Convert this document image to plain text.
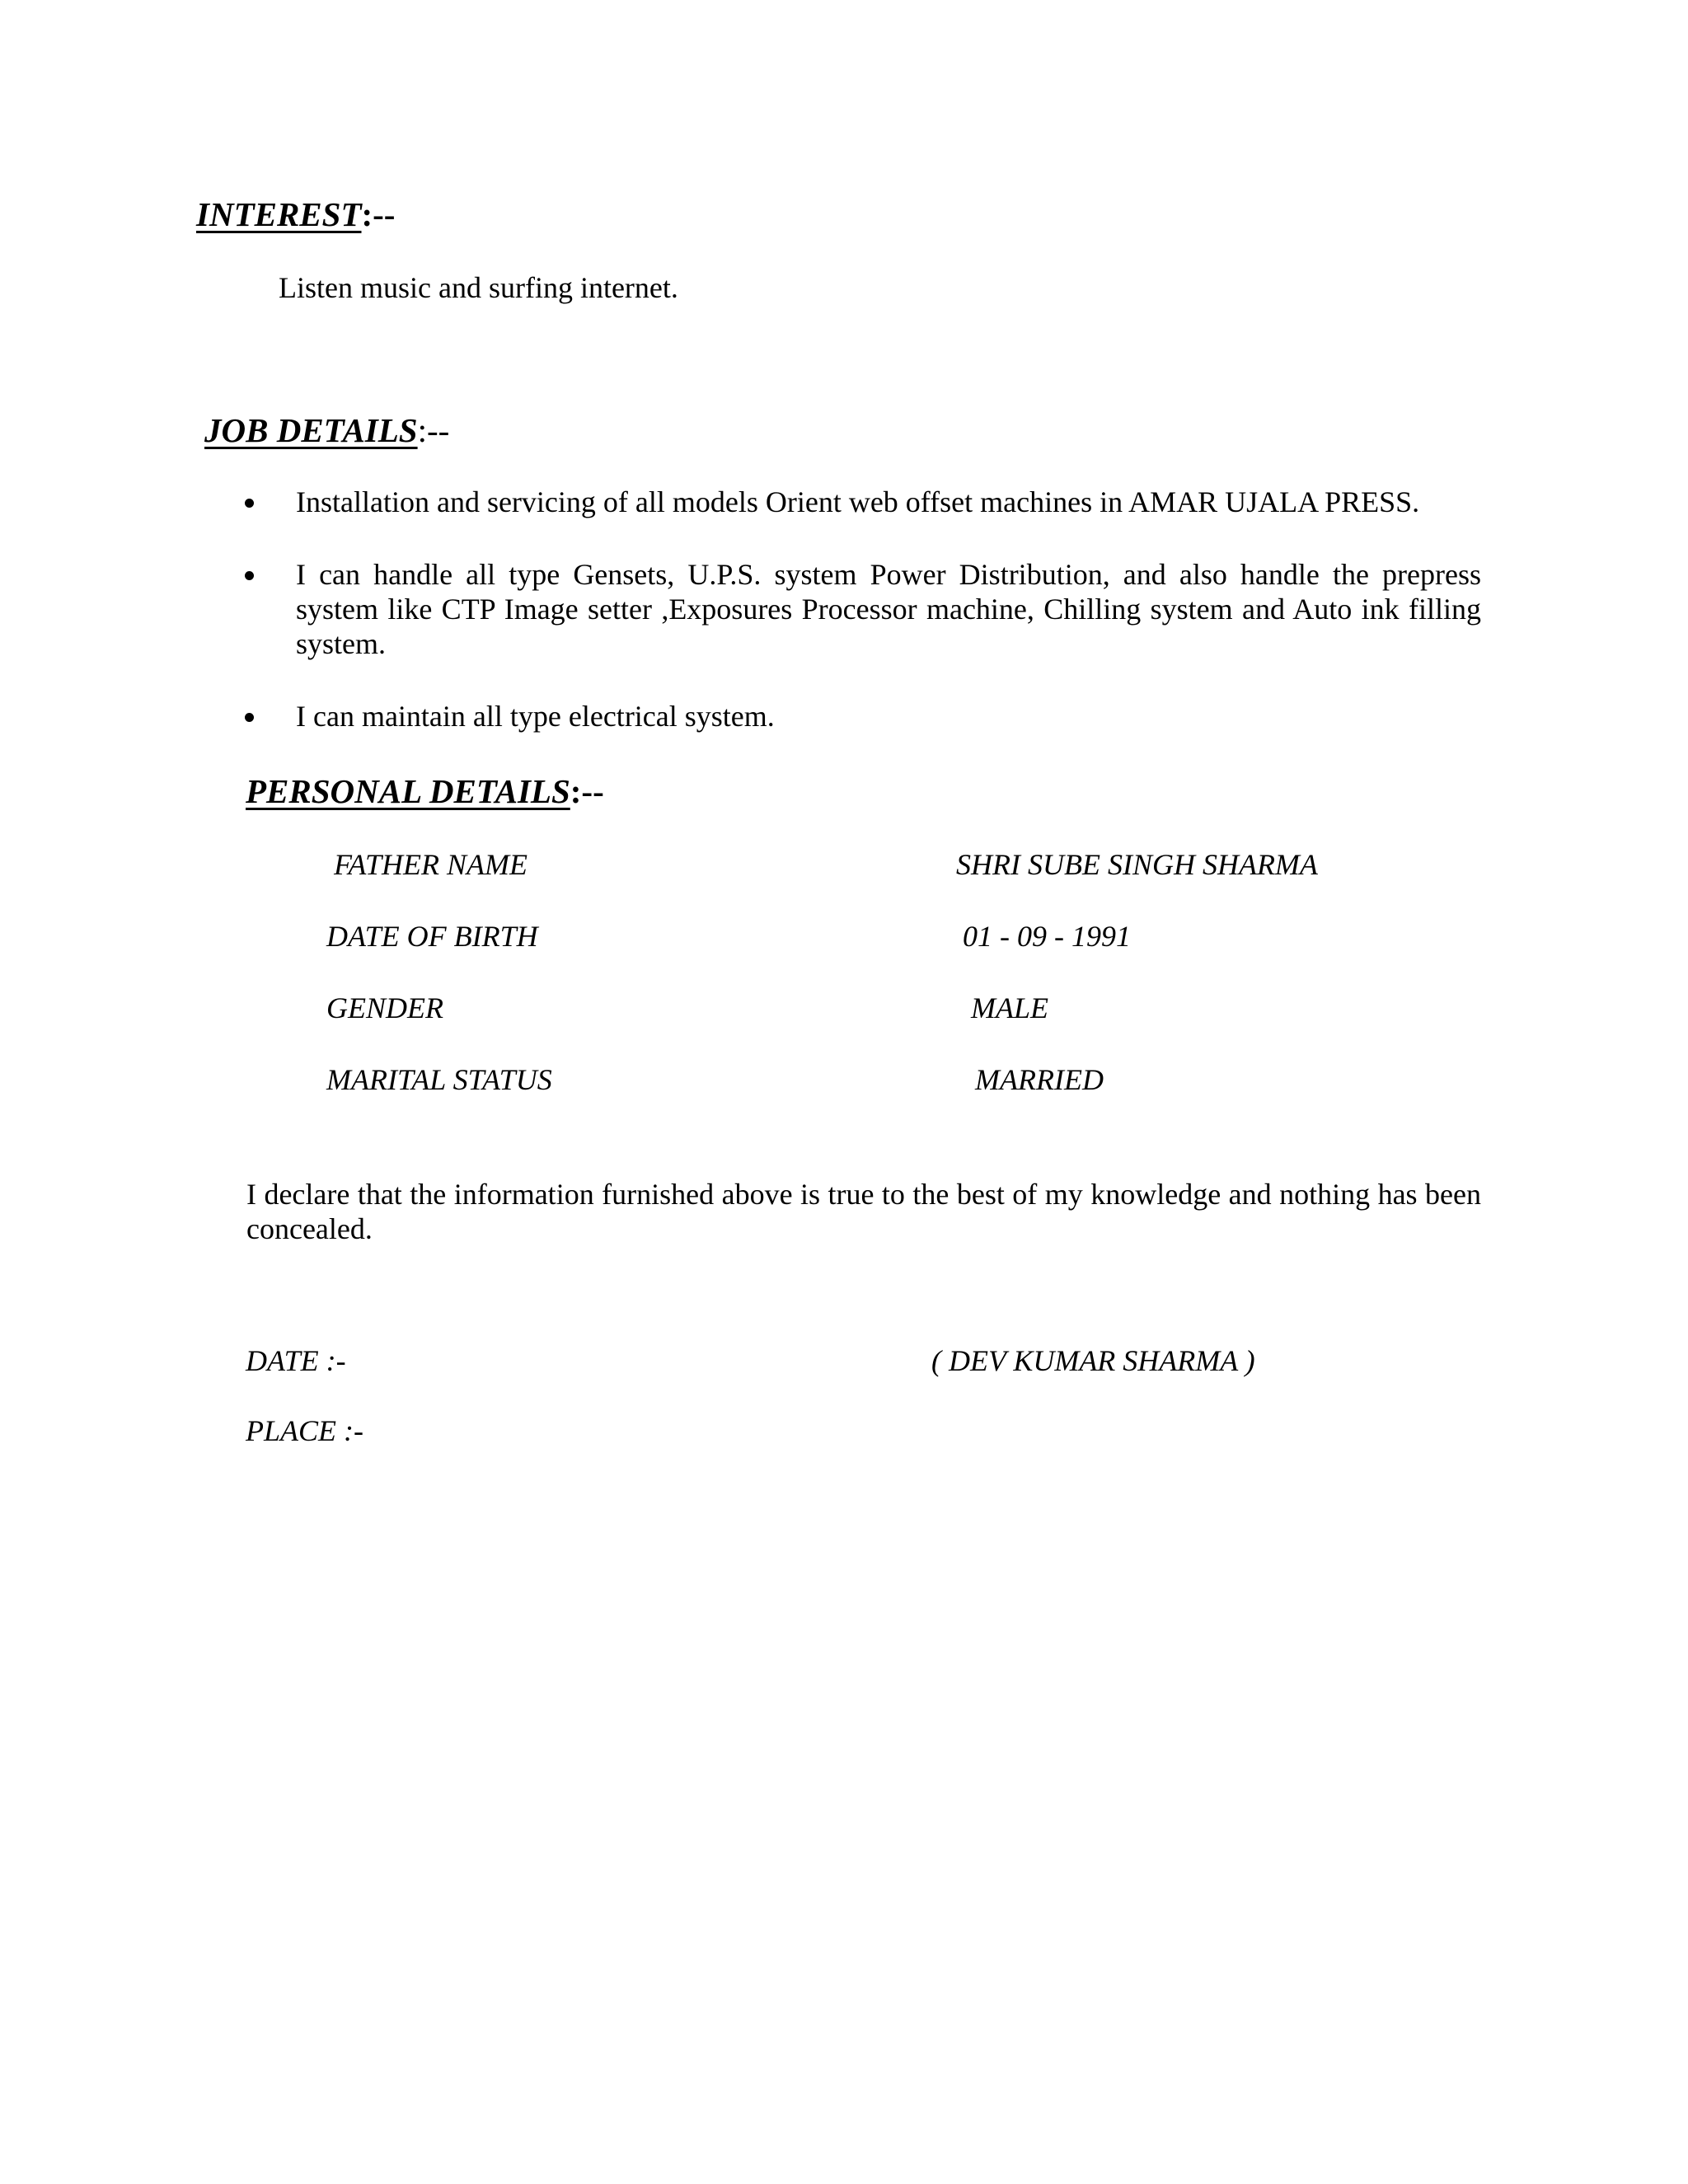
INTEREST:--
Listen music and surfing internet.
JOB DETAILS:--
Installation and servicing of all models Orient web offset machines in AMAR UJALA PRESS.
I can handle all type Gensets, U.P.S. system Power Distribution, and also handle the prepress system like CTP Image setter ,Exposures Processor machine, Chilling system and Auto ink filling system.
I can maintain all type electrical system.
PERSONAL DETAILS:--
FATHER NAME	SHRI SUBE SINGH SHARMA
DATE OF BIRTH	01 - 09 - 1991
GENDER	MALE
MARITAL STATUS	MARRIED
I declare that the information furnished above is true to the best of my knowledge and nothing has been concealed.
DATE :-	( DEV KUMAR SHARMA )
PLACE :-
